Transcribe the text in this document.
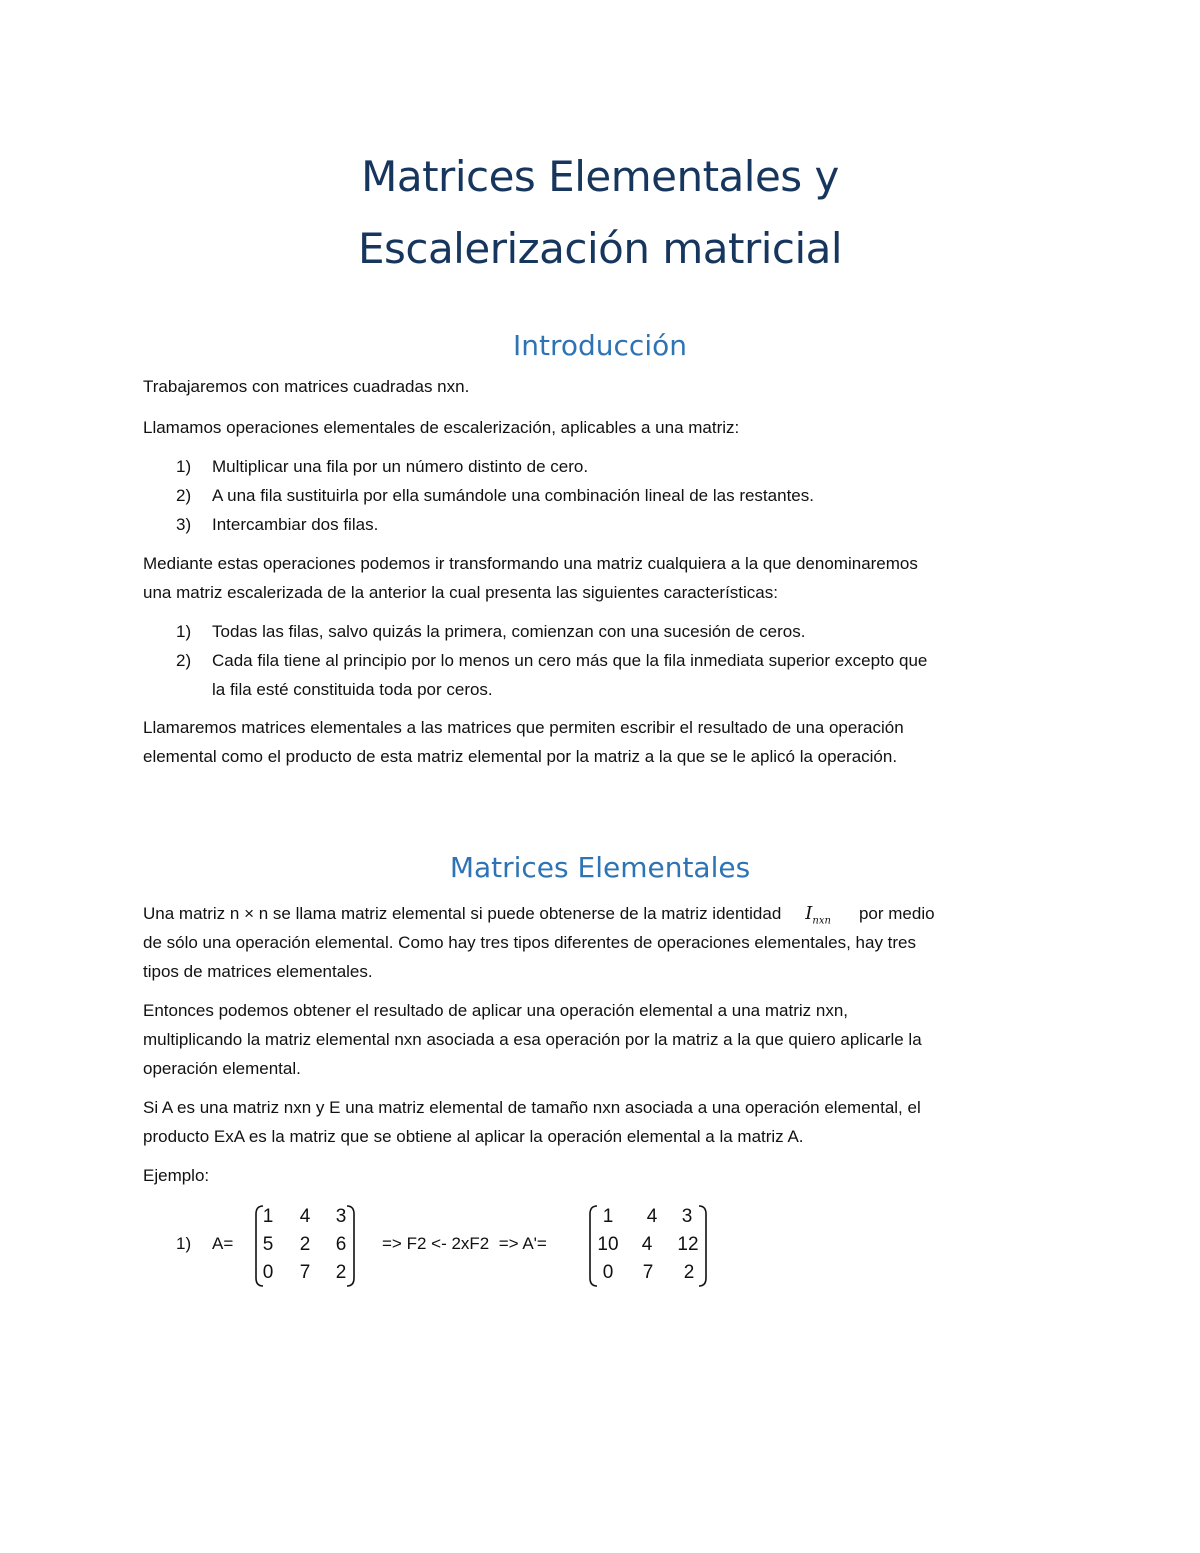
Matrices Elementales y
Escalerización matricial
Introducción

Trabajaremos con matrices cuadradas nxn.

Llamamos operaciones elementales de escalerización, aplicables a una matriz:

1) Multiplicar una fila por un número distinto de cero.
2) A una fila sustituirla por ella sumándole una combinación lineal de las restantes.
3) Intercambiar dos filas.

Mediante estas operaciones podemos ir transformando una matriz cualquiera a la que denominaremos

una matriz escalerizada de la anterior la cual presenta las siguientes características:

1) Todas las filas, salvo quizás la primera, comienzan con una sucesión de ceros.
2) Cada fila tiene al principio por lo menos un cero más que la fila inmediata superior excepto que
la fila esté constituida toda por ceros.

Llamaremos matrices elementales a las matrices que permiten escribir el resultado de una operación

elemental como el producto de esta matriz elemental por la matriz a la que se le aplicó la operación.

Matrices Elementales

Una matriz n × n se llama matriz elemental si puede obtenerse de la matriz identidad $I_{nxn}$ por medio

de sólo una operación elemental. Como hay tres tipos diferentes de operaciones elementales, hay tres

tipos de matrices elementales.

Entonces podemos obtener el resultado de aplicar una operación elemental a una matriz nxn,

multiplicando la matriz elemental nxn asociada a esa operación por la matriz a la que quiero aplicarle la

operación elemental.

Si A es una matriz nxn y E una matriz elemental de tamaño nxn asociada a una operación elemental, el

producto ExA es la matriz que se obtiene al aplicar la operación elemental a la matriz A.

Ejemplo:

1) A=
1	4	3
5	2	6
0	7	2
=> F2 <- 2xF2  => A'=
1	4	3
10	4	12
0	7	2
